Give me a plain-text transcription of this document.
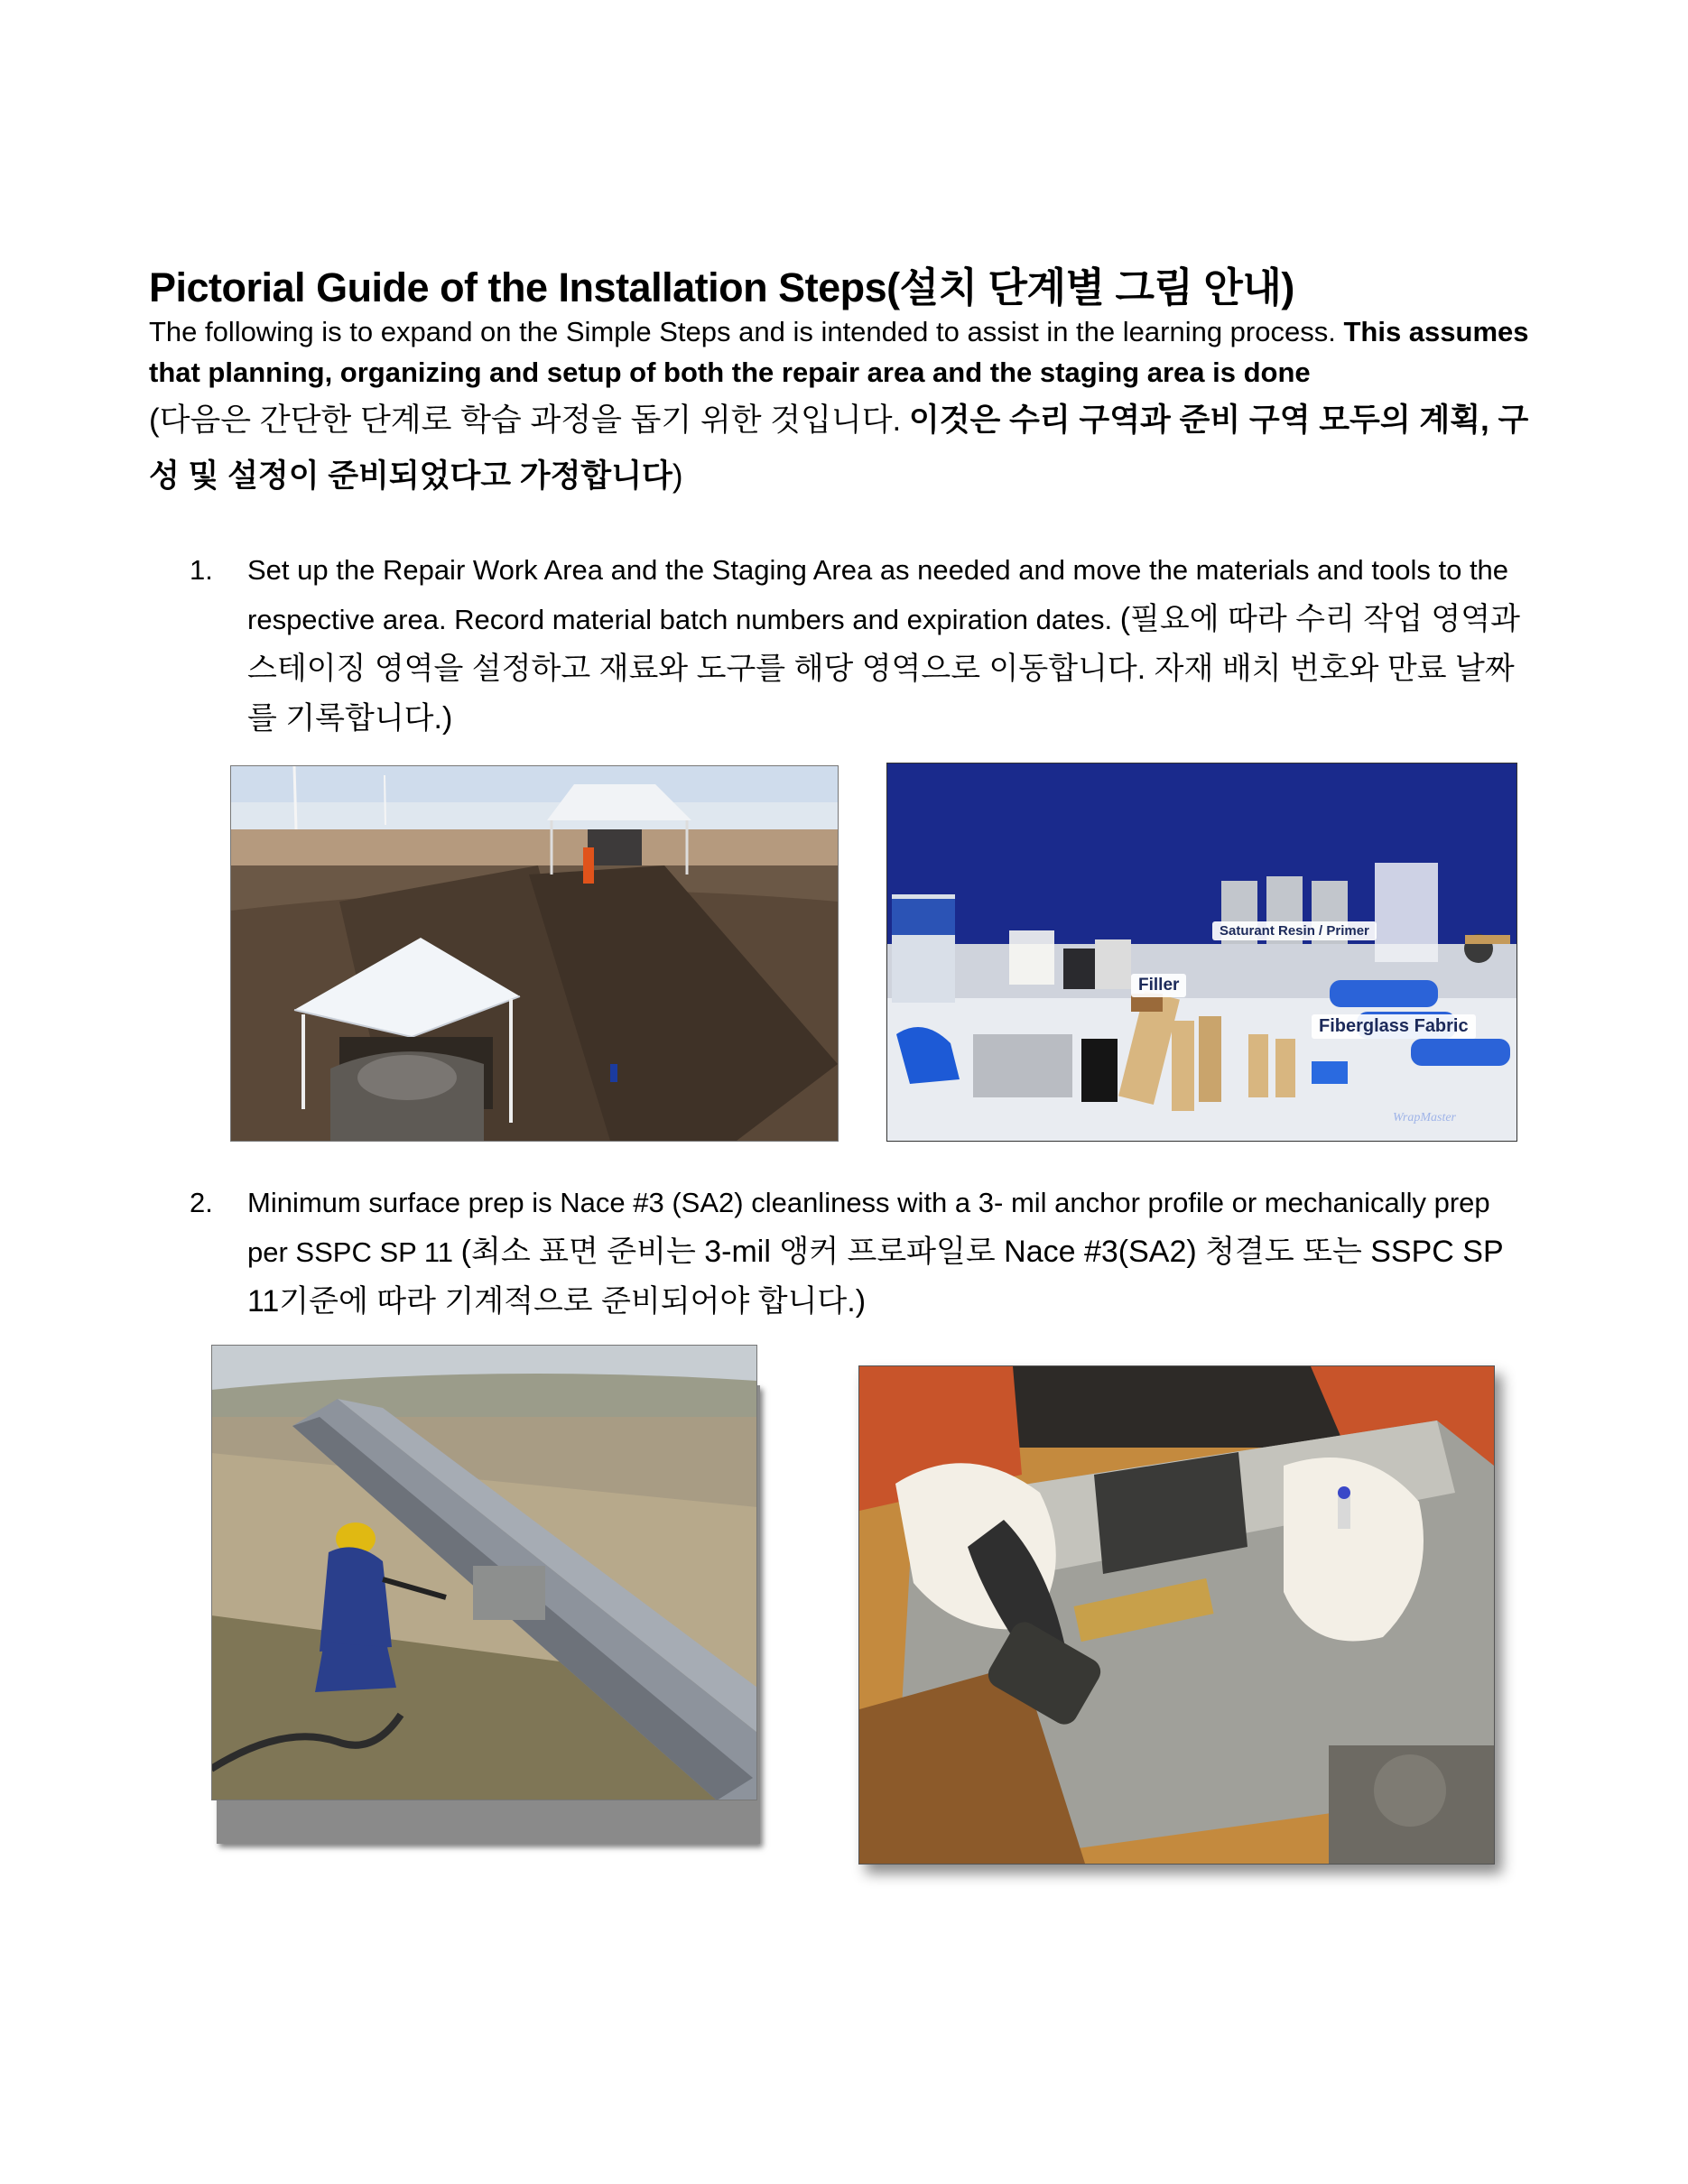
Pictorial Guide of the Installation Steps(설치 단계별 그림 안내)

The following is to expand on the Simple Steps and is intended to assist in the learning process. This assumes that planning, organizing and setup of both the repair area and the staging area is done
(다음은 간단한 단계로 학습 과정을 돕기 위한 것입니다. 이것은 수리 구역과 준비 구역 모두의 계획, 구성 및 설정이 준비되었다고 가정합니다)

1. Set up the Repair Work Area and the Staging Area as needed and move the materials and tools to the respective area. Record material batch numbers and expiration dates. (필요에 따라 수리 작업 영역과 스테이징 영역을 설정하고 재료와 도구를 해당 영역으로 이동합니다. 자재 배치 번호와 만료 날짜를 기록합니다.)
Saturant Resin / Primer
Filler
Fiberglass Fabric
WrapMaster
2. Minimum surface prep is Nace #3 (SA2) cleanliness with a 3- mil anchor profile or mechanically prep per SSPC SP 11 (최소 표면 준비는 3-mil 앵커 프로파일로 Nace #3(SA2) 청결도 또는 SSPC SP 11기준에 따라 기계적으로 준비되어야 합니다.)
